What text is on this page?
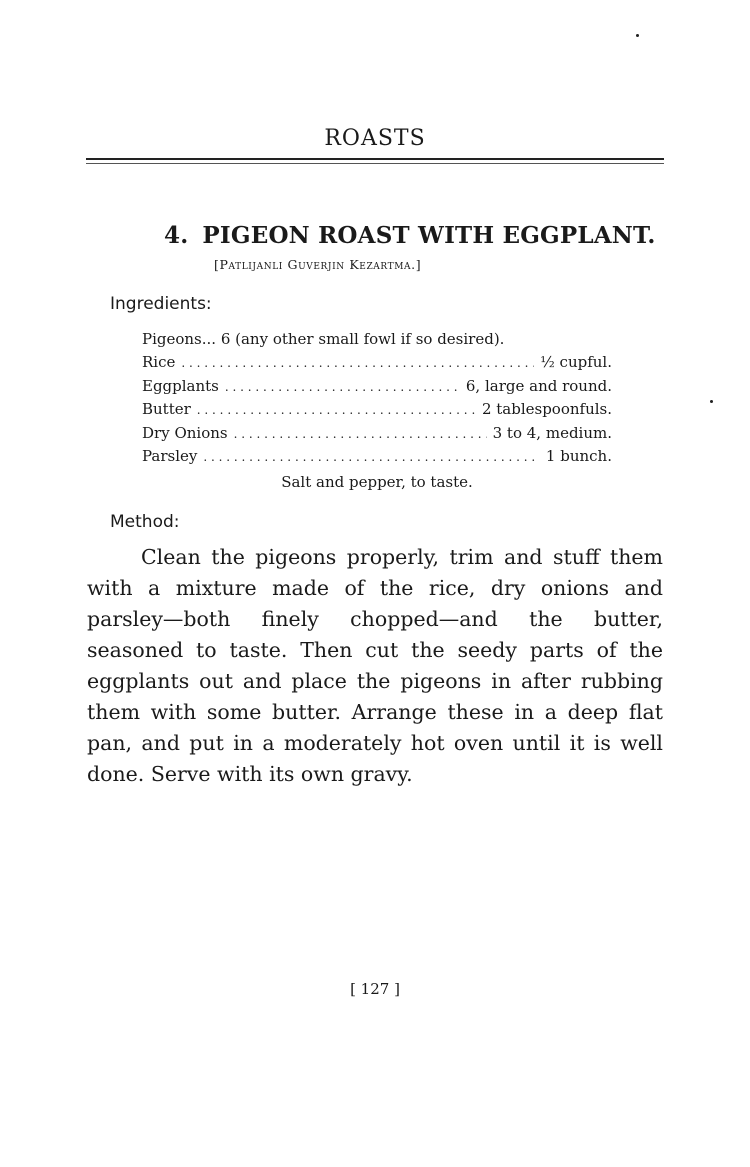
ROASTS
4. PIGEON ROAST WITH EGGPLANT.
[Patlijanli Guverjin Kezartma.]
Ingredients:
Pigeons... 6 (any other small fowl if so desired).
Rice . . .	½ cupful.
Eggplants . . .	6, large and round.
Butter . . .	2 tablespoonfuls.
Dry Onions . . .	3 to 4, medium.
Parsley . . .	1 bunch.
Salt and pepper, to taste.
Method:

Clean the pigeons properly, trim and stuff them with a mixture made of the rice, dry onions and parsley—both finely chopped—and the butter, seasoned to taste. Then cut the seedy parts of the eggplants out and place the pigeons in after rubbing them with some butter. Arrange these in a deep flat pan, and put in a moderately hot oven until it is well done. Serve with its own gravy.

[ 127 ]
